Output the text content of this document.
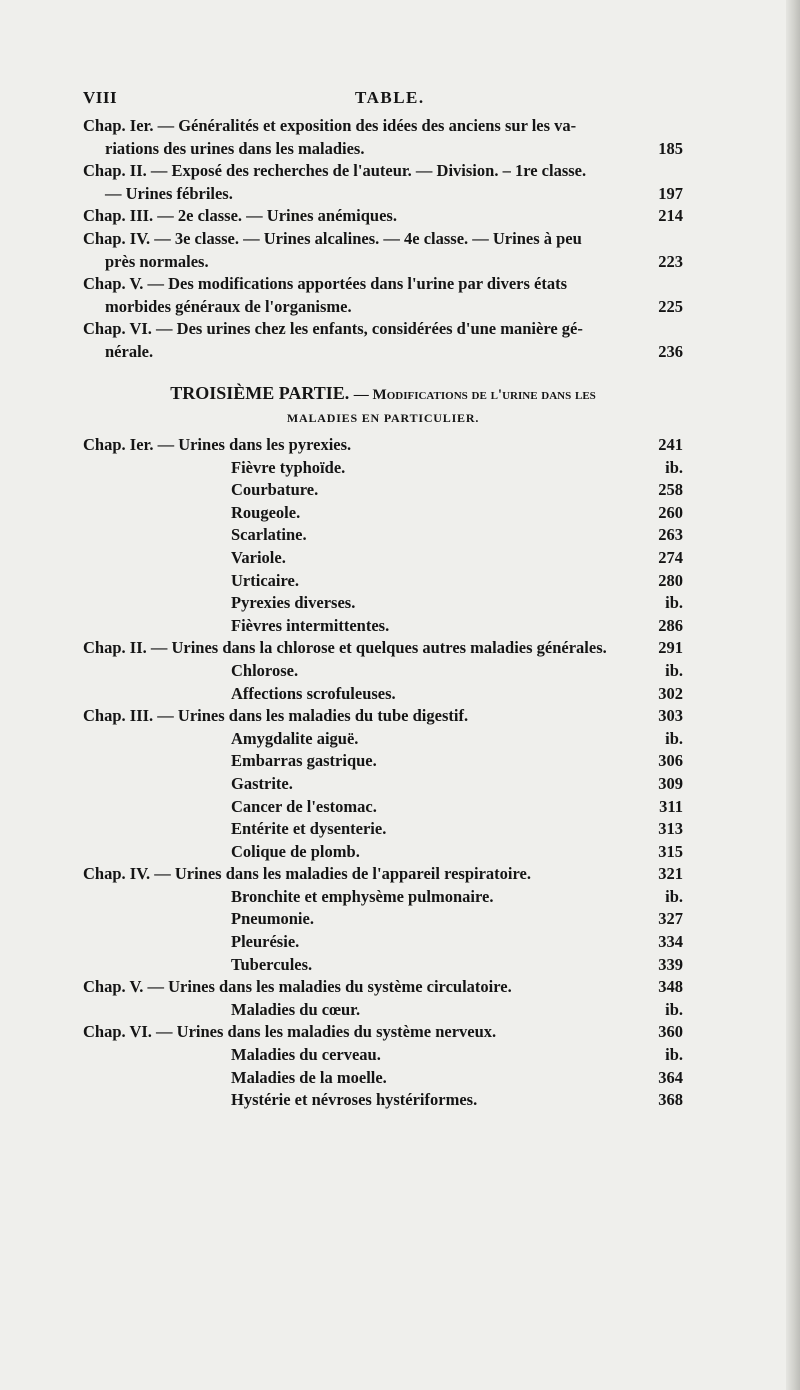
VIII	TABLE.
Chap. Ier. — Généralités et exposition des idées des anciens sur les va-
riations des urines dans les maladies.	185
Chap. II. — Exposé des recherches de l'auteur. — Division. – 1re classe.
— Urines fébriles.	197
Chap. III. — 2e classe. — Urines anémiques.	214
Chap. IV. — 3e classe. — Urines alcalines. — 4e classe. — Urines à peu
près normales.	223
Chap. V. — Des modifications apportées dans l'urine par divers états
morbides généraux de l'organisme.	225
Chap. VI. — Des urines chez les enfants, considérées d'une manière gé-
nérale.	236
TROISIÈME PARTIE. — Modifications de l'urine dans les
MALADIES EN PARTICULIER.
Chap. Ier. — Urines dans les pyrexies.	241
Fièvre typhoïde.	ib.
Courbature.	258
Rougeole.	260
Scarlatine.	263
Variole.	274
Urticaire.	280
Pyrexies diverses.	ib.
Fièvres intermittentes.	286
Chap. II. — Urines dans la chlorose et quelques autres maladies générales.	291
Chlorose.	ib.
Affections scrofuleuses.	302
Chap. III. — Urines dans les maladies du tube digestif.	303
Amygdalite aiguë.	ib.
Embarras gastrique.	306
Gastrite.	309
Cancer de l'estomac.	311
Entérite et dysenterie.	313
Colique de plomb.	315
Chap. IV. — Urines dans les maladies de l'appareil respiratoire.	321
Bronchite et emphysème pulmonaire.	ib.
Pneumonie.	327
Pleurésie.	334
Tubercules.	339
Chap. V. — Urines dans les maladies du système circulatoire.	348
Maladies du cœur.	ib.
Chap. VI. — Urines dans les maladies du système nerveux.	360
Maladies du cerveau.	ib.
Maladies de la moelle.	364
Hystérie et névroses hystériformes.	368
